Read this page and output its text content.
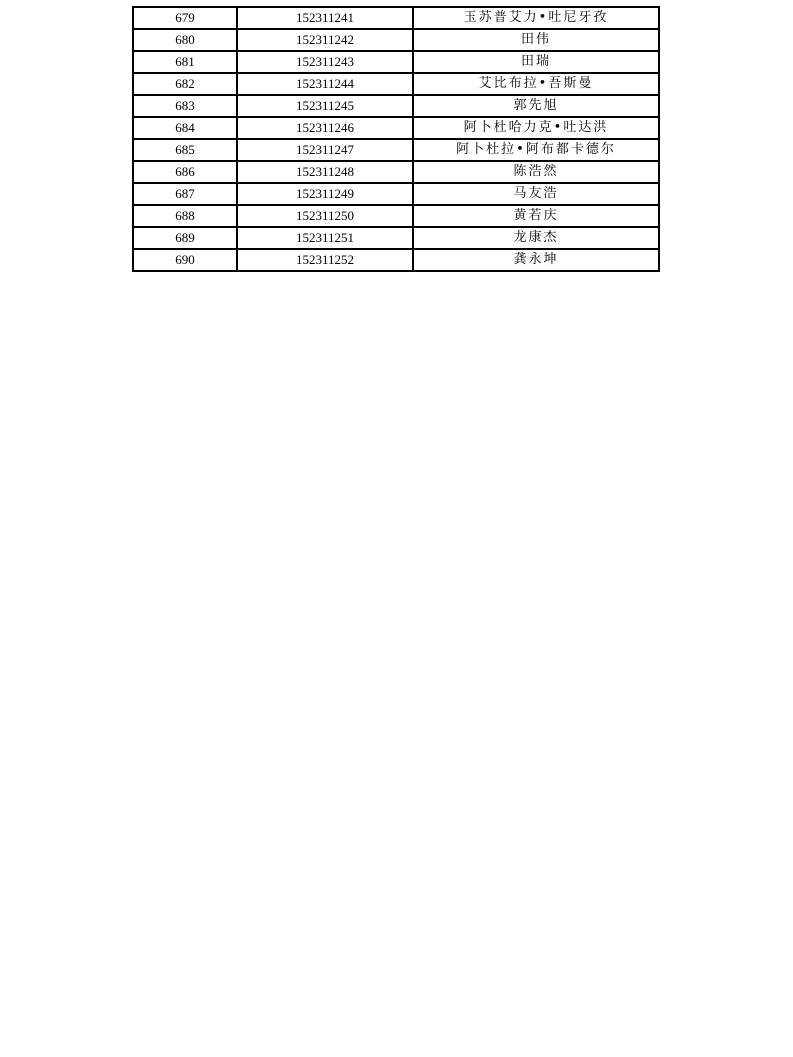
679	152311241	玉苏普艾力•吐尼牙孜
680	152311242	田伟
681	152311243	田瑞
682	152311244	艾比布拉•吾斯曼
683	152311245	郭先旭
684	152311246	阿卜杜哈力克•吐达洪
685	152311247	阿卜杜拉•阿布都卡德尔
686	152311248	陈浩然
687	152311249	马友浩
688	152311250	黄若庆
689	152311251	龙康杰
690	152311252	龚永坤
